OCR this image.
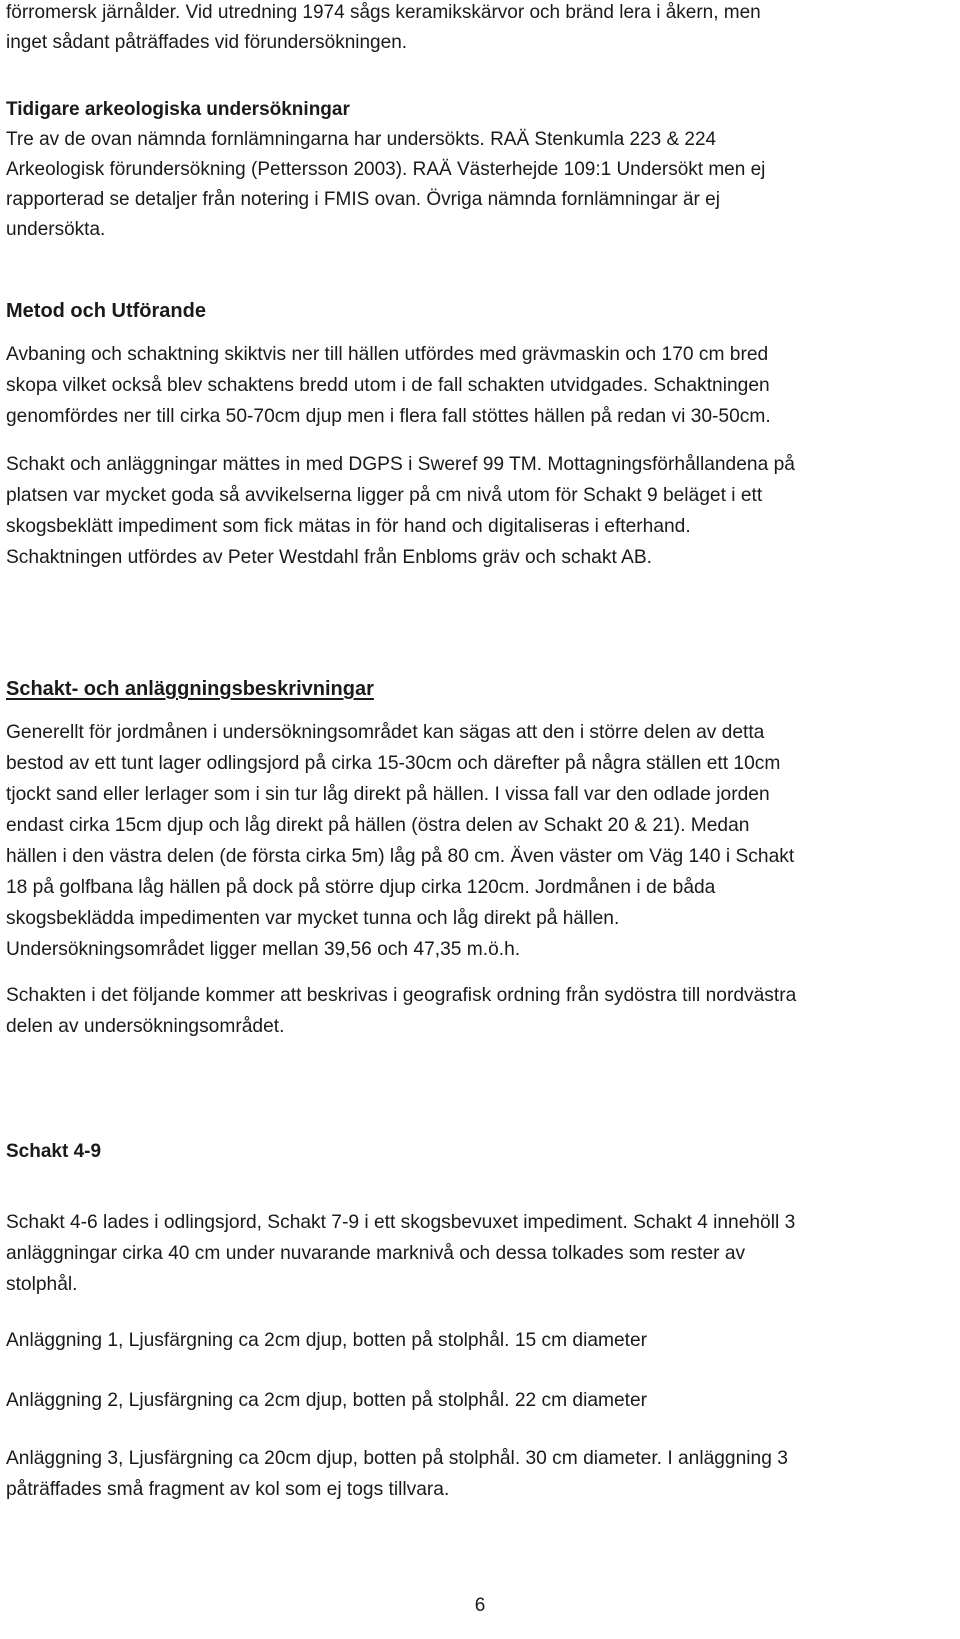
förromersk järnålder. Vid utredning 1974 sågs keramikskärvor och bränd lera i åkern, men
inget sådant påträffades vid förundersökningen.
Tidigare arkeologiska undersökningar
Tre av de ovan nämnda fornlämningarna har undersökts. RAÄ Stenkumla 223 & 224
Arkeologisk förundersökning (Pettersson 2003). RAÄ Västerhejde 109:1 Undersökt men ej
rapporterad se detaljer från notering i FMIS ovan. Övriga nämnda fornlämningar är ej
undersökta.
Metod och Utförande
Avbaning och schaktning skiktvis ner till hällen utfördes med grävmaskin och 170 cm bred
skopa vilket också blev schaktens bredd utom i de fall schakten utvidgades. Schaktningen
genomfördes ner till cirka 50-70cm djup men i flera fall stöttes hällen på redan vi 30-50cm.
Schakt och anläggningar mättes in med DGPS i Sweref 99 TM. Mottagningsförhållandena på
platsen var mycket goda så avvikelserna ligger på cm nivå utom för Schakt 9 beläget i ett
skogsbeklätt impediment som fick mätas in för hand och digitaliseras i efterhand.
Schaktningen utfördes av Peter Westdahl från Enbloms gräv och schakt AB.
Schakt- och anläggningsbeskrivningar
Generellt för jordmånen i undersökningsområdet kan sägas att den i större delen av detta
bestod av ett tunt lager odlingsjord på cirka 15-30cm och därefter på några ställen ett 10cm
tjockt sand eller lerlager som i sin tur låg direkt på hällen. I vissa fall var den odlade jorden
endast cirka 15cm djup och låg direkt på hällen (östra delen av Schakt 20 & 21). Medan
hällen i den västra delen (de första cirka 5m) låg på 80 cm. Även väster om Väg 140 i Schakt
18 på golfbana låg hällen på dock på större djup cirka 120cm. Jordmånen i de båda
skogsbeklädda impedimenten var mycket tunna och låg direkt på hällen.
Undersökningsområdet ligger mellan 39,56 och 47,35 m.ö.h.
Schakten i det följande kommer att beskrivas i geografisk ordning från sydöstra till nordvästra
delen av undersökningsområdet.
Schakt 4-9
Schakt 4-6 lades i odlingsjord, Schakt 7-9 i ett skogsbevuxet impediment. Schakt 4 innehöll 3
anläggningar cirka 40 cm under nuvarande marknivå och dessa tolkades som rester av
stolphål.
Anläggning 1, Ljusfärgning ca 2cm djup, botten på stolphål. 15 cm diameter
Anläggning 2, Ljusfärgning ca 2cm djup, botten på stolphål. 22 cm diameter
Anläggning 3, Ljusfärgning ca 20cm djup, botten på stolphål. 30 cm diameter. I anläggning 3
påträffades små fragment av kol som ej togs tillvara.
6
